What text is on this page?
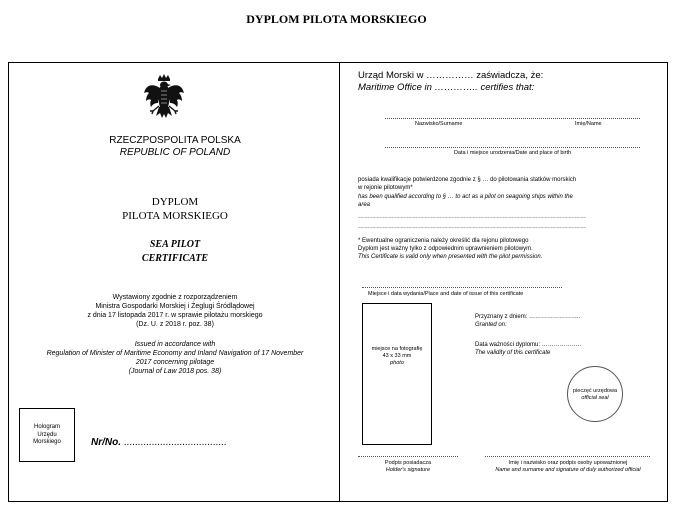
DYPLOM PILOTA MORSKIEGO
RZECZPOSPOLITA POLSKA
REPUBLIC OF POLAND
DYPLOM
PILOTA MORSKIEGO
SEA PILOT
CERTIFICATE
Wystawiony zgodnie z rozporządzeniem
Ministra Gospodarki Morskiej i Żeglugi Śródlądowej
z dnia 17 listopada 2017 r. w sprawie pilotażu morskiego
(Dz. U. z 2018 r. poz. 38)
Issued in accordance with
Regulation of Minister of Maritime Economy and Inland Navigation of 17 November
2017 concerning pilotage
(Journal of Law 2018 pos. 38)
Hologram
Urzędu
Morskiego	Nr/No. .....................................
Urząd Morski w …………… zaświadcza, że:
Maritime Office in ………….. certifies that:
Nazwisko/Surname	Imię/Name
Data i miejsce urodzenia/Date and place of birth
posiada kwalifikacje potwierdzone zgodnie z § … do pilotowania statków morskich
w rejonie pilotowym*
has been qualified according to § … to act as a pilot on seagoing ships within the
area
……………………………………………………………………………………………………
……………………………………………………………………………………………………
* Ewentualne ograniczenia należy określić dla rejonu pilotowego
Dyplom jest ważny tylko z odpowiednim uprawnieniem pilotowym.
This Certificate is valid only when presented with the pilot permission.
Miejsce i data wydania/Place and date of issue of this certificate
miejsce na fotografię
43 x 33 mm
photo
Przyznany z dniem: ……………………..
Granted on:
Data ważności dyplomu: ………………..
The validity of this certificate
pieczęć urzędowa
official seal
Podpis posiadacza
Holder's signature
Imię i nazwisko oraz podpis osoby upoważnionej
Name and surname and signature of duly authorized official
